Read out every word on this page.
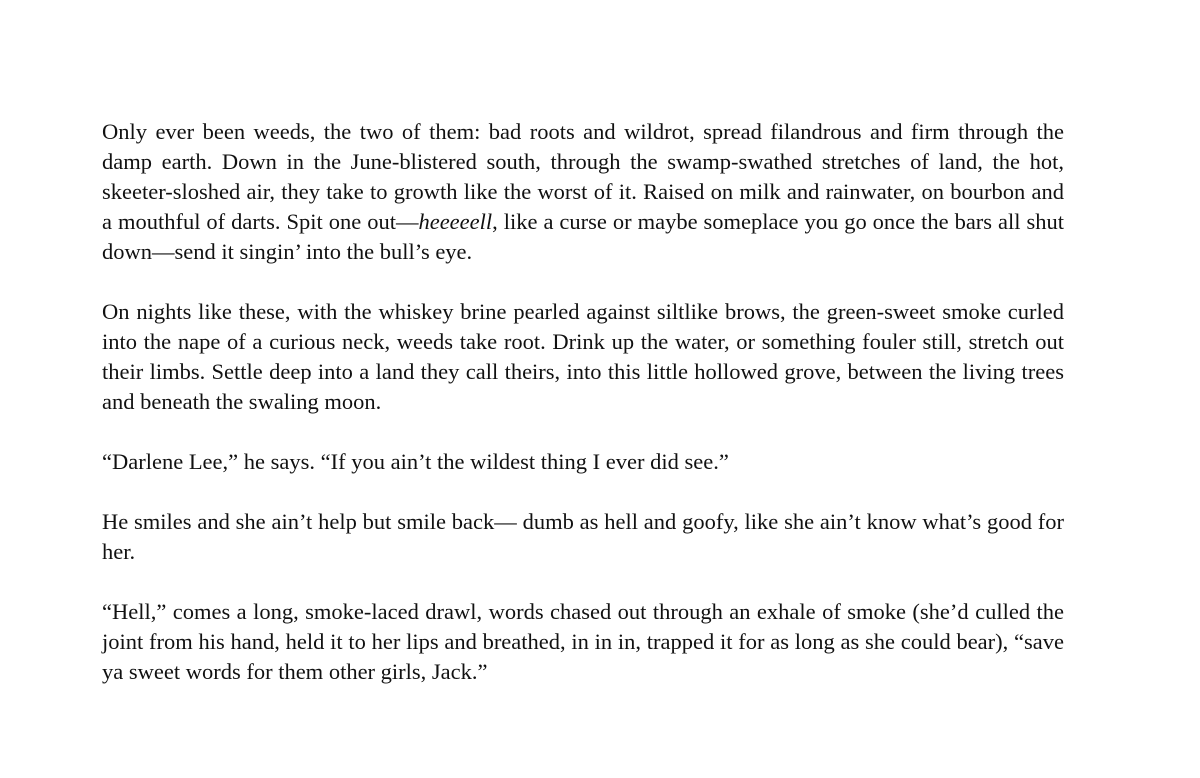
Only ever been weeds, the two of them: bad roots and wildrot, spread filandrous and firm through the damp earth. Down in the June-blistered south, through the swamp-swathed stretches of land, the hot, skeeter-sloshed air, they take to growth like the worst of it. Raised on milk and rainwater, on bourbon and a mouthful of darts. Spit one out—heeeeell, like a curse or maybe someplace you go once the bars all shut down—send it singin’ into the bull’s eye.

On nights like these, with the whiskey brine pearled against siltlike brows, the green-sweet smoke curled into the nape of a curious neck, weeds take root. Drink up the water, or something fouler still, stretch out their limbs. Settle deep into a land they call theirs, into this little hollowed grove, between the living trees and beneath the swaling moon.

“Darlene Lee,” he says. “If you ain’t the wildest thing I ever did see.”

He smiles and she ain’t help but smile back— dumb as hell and goofy, like she ain’t know what’s good for her.

“Hell,” comes a long, smoke-laced drawl, words chased out through an exhale of smoke (she’d culled the joint from his hand, held it to her lips and breathed, in in in, trapped it for as long as she could bear), “save ya sweet words for them other girls, Jack.”
